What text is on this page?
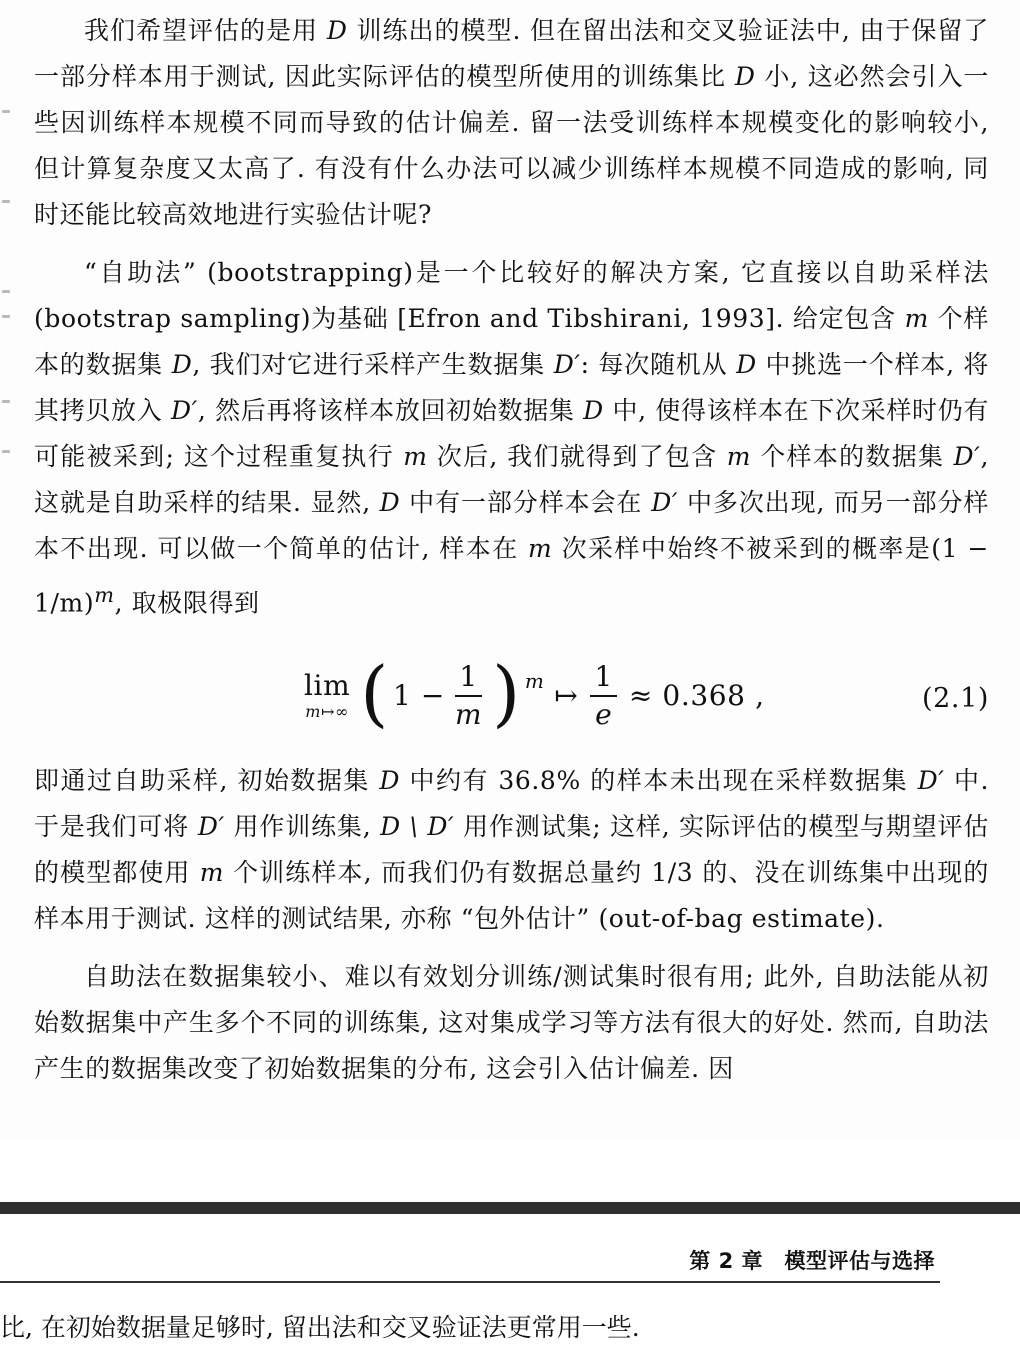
我们希望评估的是用 D 训练出的模型. 但在留出法和交叉验证法中, 由于保留了一部分样本用于测试, 因此实际评估的模型所使用的训练集比 D 小, 这必然会引入一些因训练样本规模不同而导致的估计偏差. 留一法受训练样本规模变化的影响较小, 但计算复杂度又太高了. 有没有什么办法可以减少训练样本规模不同造成的影响, 同时还能比较高效地进行实验估计呢?

“自助法” (bootstrapping)是一个比较好的解决方案, 它直接以自助采样法(bootstrap sampling)为基础 [Efron and Tibshirani, 1993]. 给定包含 m 个样本的数据集 D, 我们对它进行采样产生数据集 D′: 每次随机从 D 中挑选一个样本, 将其拷贝放入 D′, 然后再将该样本放回初始数据集 D 中, 使得该样本在下次采样时仍有可能被采到; 这个过程重复执行 m 次后, 我们就得到了包含 m 个样本的数据集 D′, 这就是自助采样的结果. 显然, D 中有一部分样本会在 D′ 中多次出现, 而另一部分样本不出现. 可以做一个简单的估计, 样本在 m 次采样中始终不被采到的概率是$(1 - 1/m)^m$, 取极限得到

lim
m↦∞ ( $1 - \frac{1}{m}$ ) m ↦ $\frac{1}{e} \approx 0.368$ ,	(2.1)

即通过自助采样, 初始数据集 D 中约有 36.8% 的样本未出现在采样数据集 D′ 中. 于是我们可将 D′ 用作训练集, D \ D′ 用作测试集; 这样, 实际评估的模型与期望评估的模型都使用 m 个训练样本, 而我们仍有数据总量约 1/3 的、没在训练集中出现的样本用于测试. 这样的测试结果, 亦称 “包外估计” (out-of-bag estimate).

自助法在数据集较小、难以有效划分训练/测试集时很有用; 此外, 自助法能从初始数据集中产生多个不同的训练集, 这对集成学习等方法有很大的好处. 然而, 自助法产生的数据集改变了初始数据集的分布, 这会引入估计偏差. 因

第 2 章　模型评估与选择
比, 在初始数据量足够时, 留出法和交叉验证法更常用一些.
